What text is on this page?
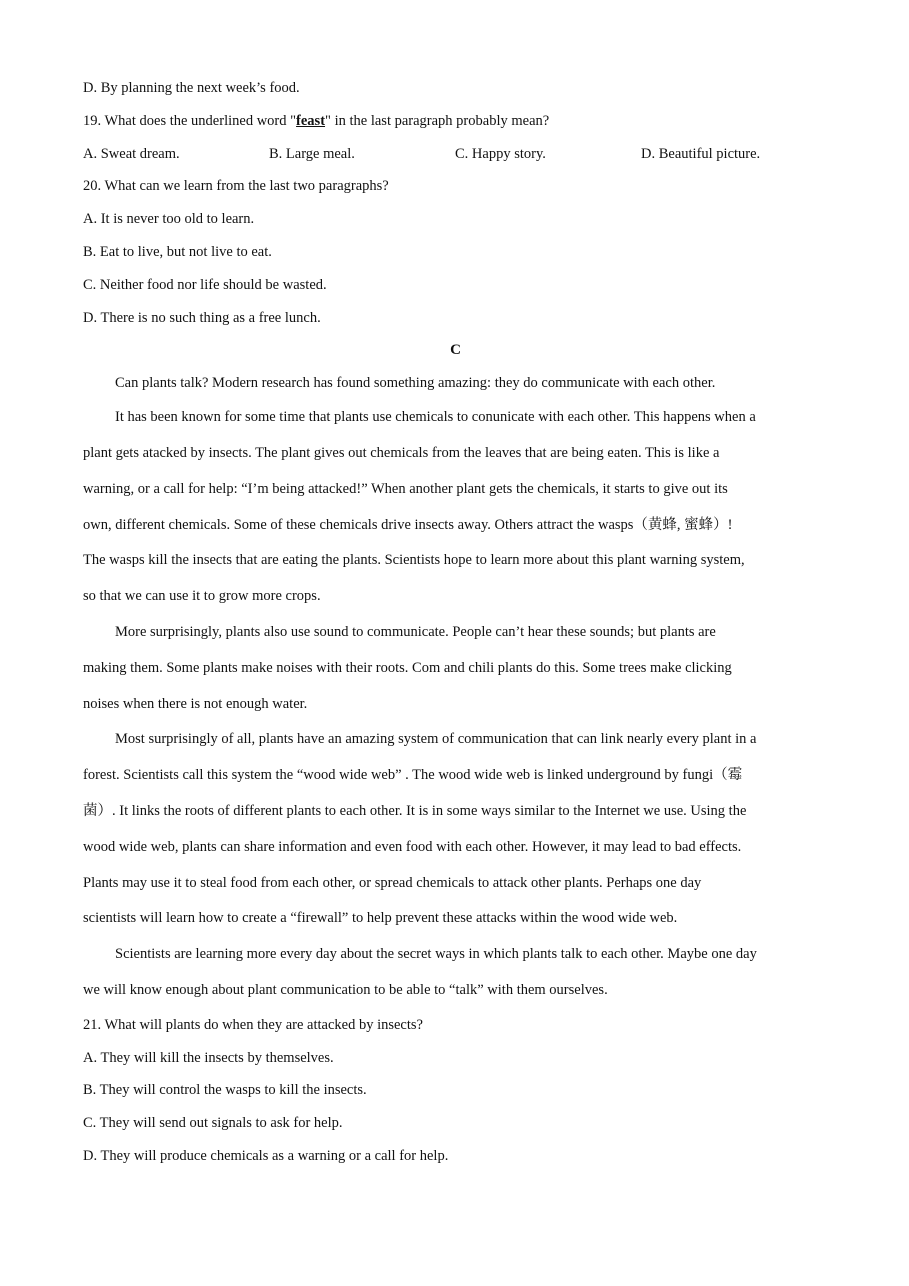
D. By planning the next week’s food.

19. What does the underlined word "feast" in the last paragraph probably mean?

A. Sweat dream.	B. Large meal.	C. Happy story.	D. Beautiful picture.

20. What can we learn from the last two paragraphs?

A. It is never too old to learn.

B. Eat to live, but not live to eat.

C. Neither food nor life should be wasted.

D. There is no such thing as a free lunch.

C

Can plants talk? Modern research has found something amazing: they do communicate with each other.

It has been known for some time that plants use chemicals to conunicate with each other. This happens when a

plant gets atacked by insects. The plant gives out chemicals from the leaves that are being eaten. This is like a

warning, or a call for help: “I’m being attacked!” When another plant gets the chemicals, it starts to give out its

own, different chemicals. Some of these chemicals drive insects away. Others attract the wasps（黄蜂, 蜜蜂）!

The wasps kill the insects that are eating the plants. Scientists hope to learn more about this plant warning system,

so that we can use it to grow more crops.

More surprisingly, plants also use sound to communicate. People can’t hear these sounds; but plants are

making them. Some plants make noises with their roots. Com and chili plants do this. Some trees make clicking

noises when there is not enough water.

Most surprisingly of all, plants have an amazing system of communication that can link nearly every plant in a

forest. Scientists call this system the “wood wide web” . The wood wide web is linked underground by fungi（霉

菌）. It links the roots of different plants to each other. It is in some ways similar to the Internet we use. Using the

wood wide web, plants can share information and even food with each other. However, it may lead to bad effects.

Plants may use it to steal food from each other, or spread chemicals to attack other plants. Perhaps one day

scientists will learn how to create a “firewall” to help prevent these attacks within the wood wide web.

Scientists are learning more every day about the secret ways in which plants talk to each other. Maybe one day

we will know enough about plant communication to be able to “talk” with them ourselves.

21. What will plants do when they are attacked by insects?

A. They will kill the insects by themselves.

B. They will control the wasps to kill the insects.

C. They will send out signals to ask for help.

D. They will produce chemicals as a warning or a call for help.
